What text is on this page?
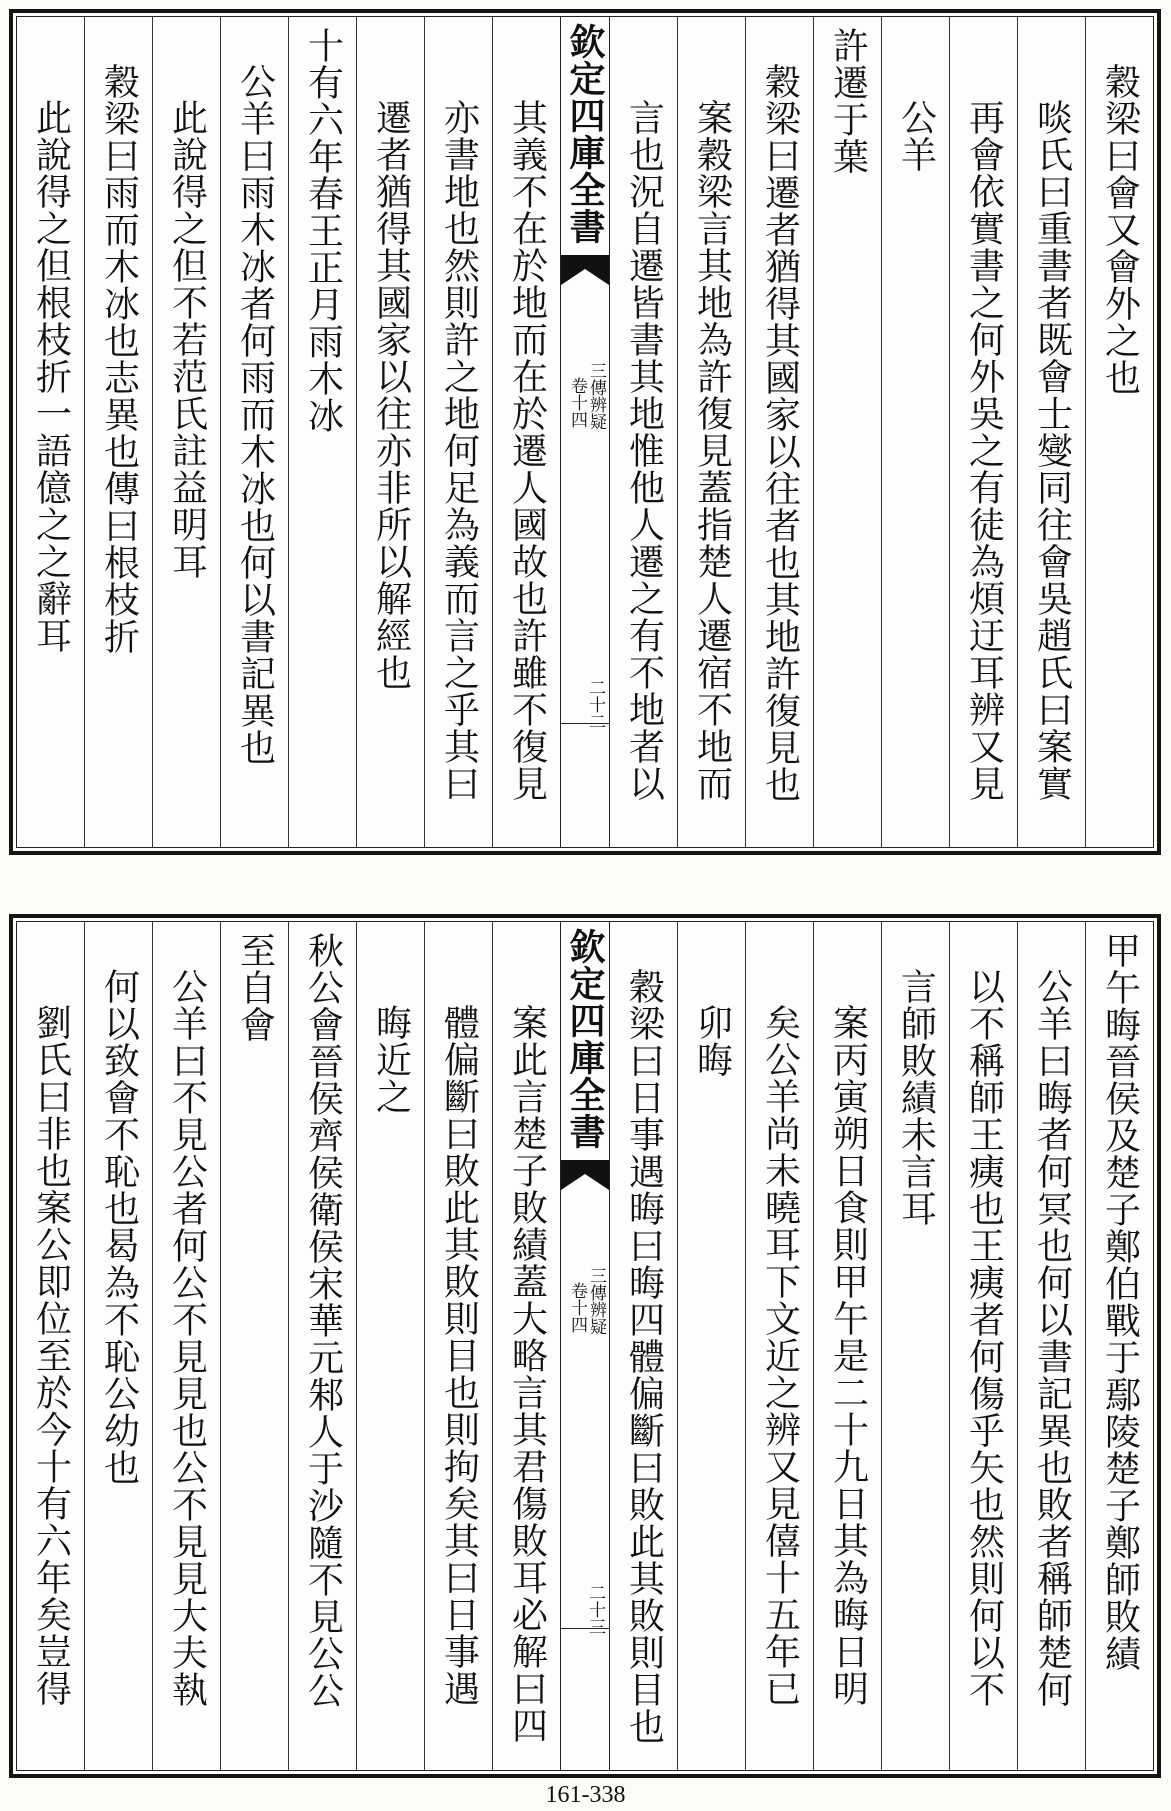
穀梁曰會又會外之也
啖氏曰重書者既會士燮同往會吳趙氏曰案實
再會依實書之何外吳之有徒為煩迂耳辨又見
公羊
許遷于葉
穀梁曰遷者猶得其國家以往者也其地許復見也
案穀梁言其地為許復見蓋指楚人遷宿不地而
言也況自遷皆書其地惟他人遷之有不地者以
欽定四庫全書
三傳辨疑
卷十四
二十二
其義不在於地而在於遷人國故也許雖不復見
亦書地也然則許之地何足為義而言之乎其曰
遷者猶得其國家以往亦非所以解經也
十有六年春王正月雨木冰
公羊曰雨木冰者何雨而木冰也何以書記異也
此說得之但不若范氏註益明耳
穀梁曰雨而木冰也志異也傳曰根枝折
此說得之但根枝折一語億之之辭耳
甲午晦晉侯及楚子鄭伯戰于鄢陵楚子鄭師敗績
公羊曰晦者何冥也何以書記異也敗者稱師楚何
以不稱師王痍也王痍者何傷乎矢也然則何以不
言師敗績未言耳
案丙寅朔日食則甲午是二十九日其為晦日明
矣公羊尚未曉耳下文近之辨又見僖十五年已
卯晦
穀梁曰日事遇晦曰晦四體偏斷曰敗此其敗則目也
欽定四庫全書
三傳辨疑
卷十四
二十三
案此言楚子敗績蓋大略言其君傷敗耳必解曰四
體偏斷曰敗此其敗則目也則拘矣其曰日事遇
晦近之
秋公會晉侯齊侯衛侯宋華元邾人于沙隨不見公公
至自會
公羊曰不見公者何公不見見也公不見見大夫執
何以致會不恥也曷為不恥公幼也
劉氏曰非也案公即位至於今十有六年矣豈得
161-338
